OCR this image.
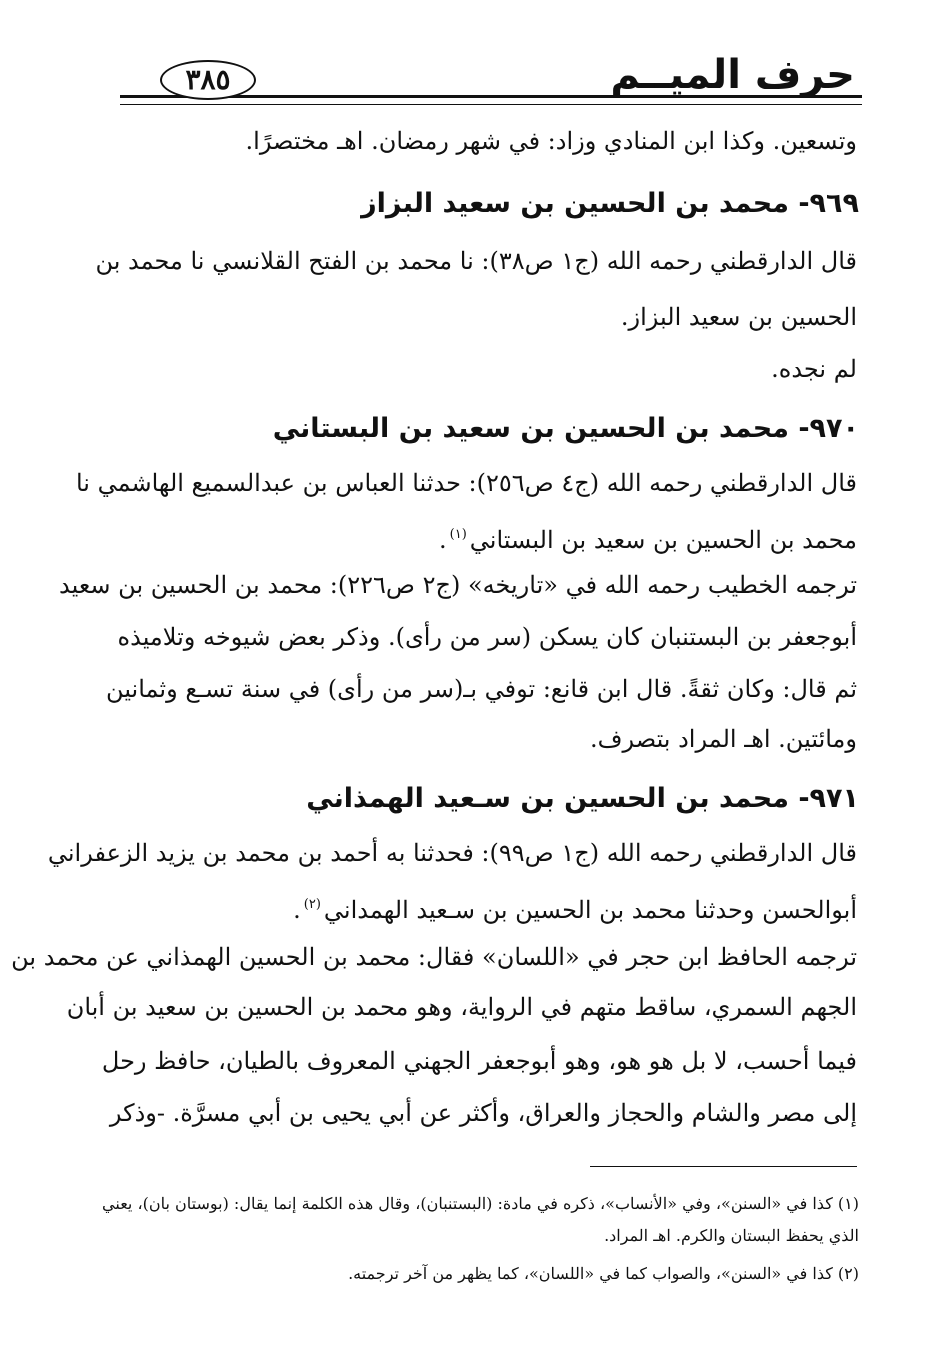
حرف الميــم
٣٨٥
وتسعين. وكذا ابن المنادي وزاد: في شهر رمضان. اهـ مختصرًا.
٩٦٩- محمد بن الحسين بن سعيد البزاز
قال الدارقطني رحمه الله (ج١ ص٣٨): نا محمد بن الفتح القلانسي نا محمد بن
الحسين بن سعيد البزاز.
لم نجده.
٩٧٠- محمد بن الحسين بن سعيد بن البستاني
قال الدارقطني رحمه الله (ج٤ ص٢٥٦): حدثنا العباس بن عبدالسميع الهاشمي نا
محمد بن الحسين بن سعيد بن البستاني$^{(١)}$.
ترجمه الخطيب رحمه الله في «تاريخه» (ج٢ ص٢٢٦): محمد بن الحسين بن سعيد
أبوجعفر بن البستنبان كان يسكن (سر من رأى). وذكر بعض شيوخه وتلاميذه
ثم قال: وكان ثقةً. قال ابن قانع: توفي بـ(سر من رأى) في سنة تسـع وثمانين
ومائتين. اهـ المراد بتصرف.
٩٧١- محمد بن الحسين بن سـعيد الهمذاني
قال الدارقطني رحمه الله (ج١ ص٩٩): فحدثنا به أحمد بن محمد بن يزيد الزعفراني
أبوالحسن وحدثنا محمد بن الحسين بن سـعيد الهمداني$^{(٢)}$.
ترجمه الحافظ ابن حجر في «اللسان» فقال: محمد بن الحسين الهمذاني عن محمد بن
الجهم السمري، ساقط متهم في الرواية، وهو محمد بن الحسين بن سعيد بن أبان
فيما أحسب، لا بل هو هو، وهو أبوجعفر الجهني المعروف بالطيان، حافظ رحل
إلى مصر والشام والحجاز والعراق، وأكثر عن أبي يحيى بن أبي مسرَّة. -وذكر
(١) كذا في «السنن»، وفي «الأنساب»، ذكره في مادة: (البستنبان)، وقال هذه الكلمة إنما يقال: (بوستان بان)، يعني
الذي يحفظ البستان والكرم. اهـ المراد.
(٢) كذا في «السنن»، والصواب كما في «اللسان»، كما يظهر من آخر ترجمته.
